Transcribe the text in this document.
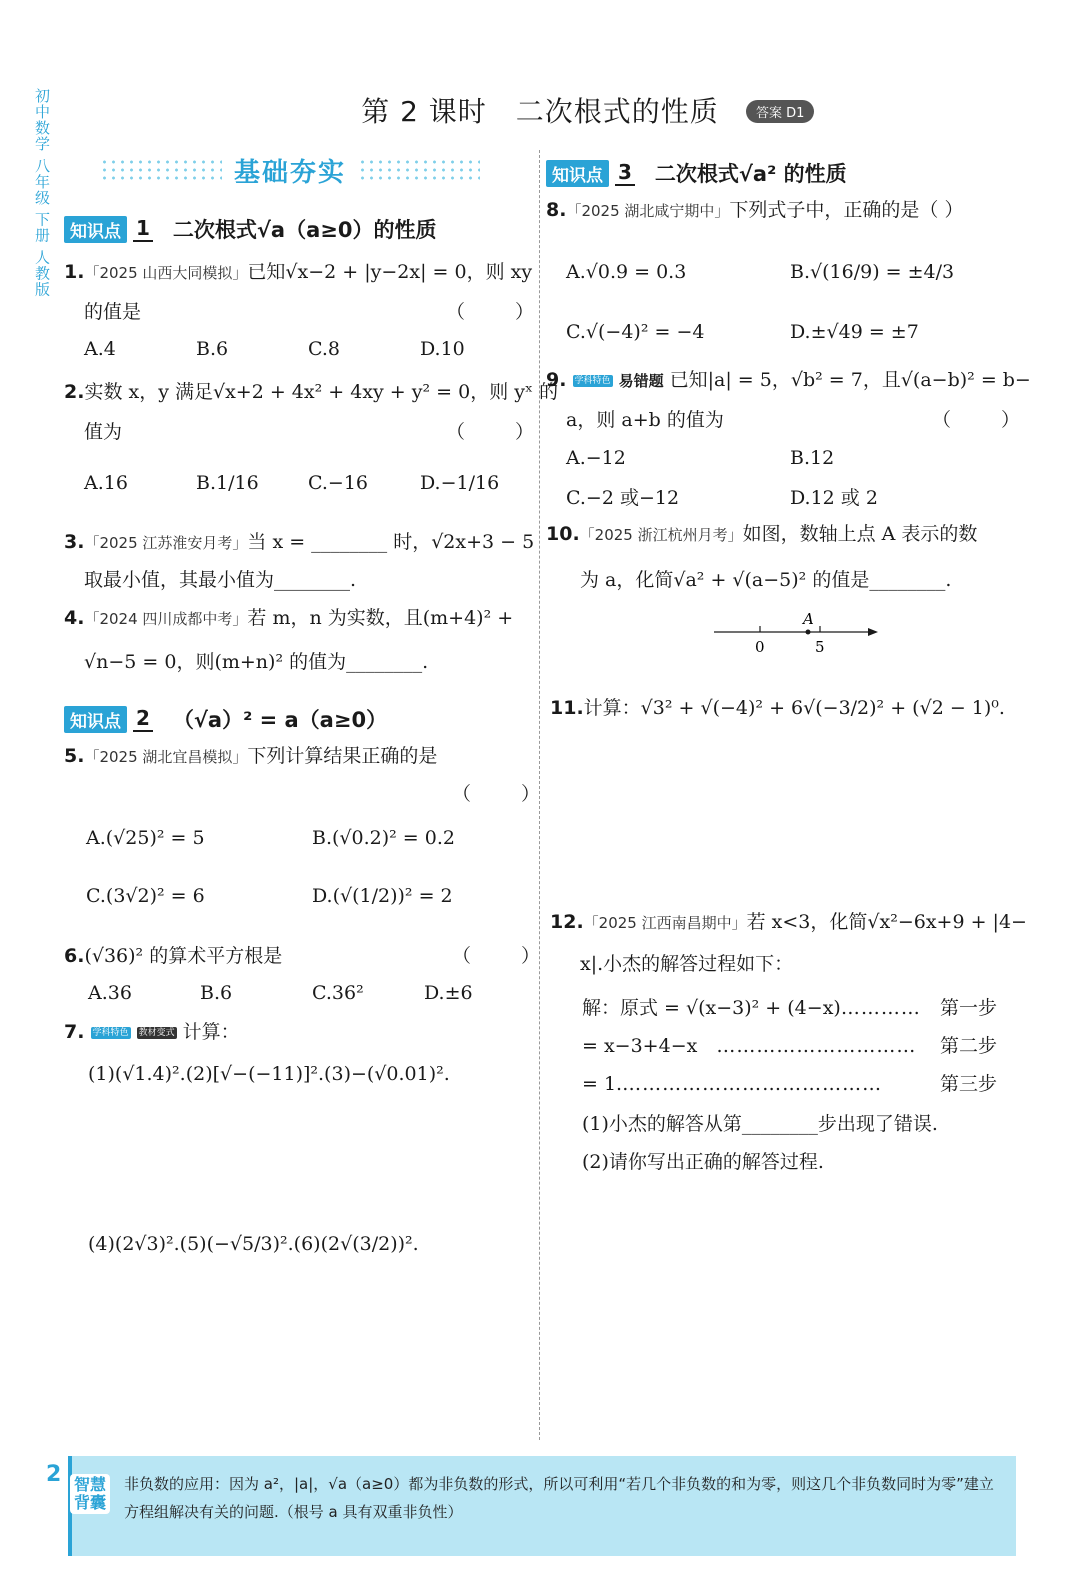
初中数学 八年级 下册 人教版	第 2 课时　二次根式的性质	答案 D1
基础夯实
知识点 1 二次根式√a（a≥0）的性质
1.「2025 山西大同模拟」已知√x−2 + |y−2x| = 0，则 xy
的值是	（ ）
A.4	B.6	C.8	D.10
2.实数 x，y 满足√x+2 + 4x² + 4xy + y² = 0，则 yˣ 的
值为	（ ）
A.16	B.1/16	C.−16	D.−1/16
3.「2025 江苏淮安月考」当 x = ________ 时，√2x+3 − 5
取最小值，其最小值为________.
4.「2024 四川成都中考」若 m，n 为实数，且(m+4)² +
√n−5 = 0，则(m+n)² 的值为________.
知识点 2 （√a）² = a（a≥0）
5.「2025 湖北宜昌模拟」下列计算结果正确的是
（ ）
A.(√25)² = 5	B.(√0.2)² = 0.2
C.(3√2)² = 6	D.(√(1/2))² = 2
6.(√36)² 的算术平方根是	（ ）
A.36	B.6	C.36²	D.±6
7. 学科特色 教材变式 计算：
(1)(√1.4)².(2)[√−(−11)]².(3)−(√0.01)².
(4)(2√3)².(5)(−√5/3)².(6)(2√(3/2))².
知识点 3 二次根式√a² 的性质
8.「2025 湖北咸宁期中」下列式子中，正确的是（ ）
A.√0.9 = 0.3	B.√(16/9) = ±4/3
C.√(−4)² = −4	D.±√49 = ±7
9. 学科特色 易错题 已知|a| = 5，√b² = 7，且√(a−b)² = b−
a，则 a+b 的值为	（ ）
A.−12	B.12
C.−2 或−12	D.12 或 2
10.「2025 浙江杭州月考」如图，数轴上点 A 表示的数
为 a，化简√a² + √(a−5)² 的值是________.
A
0	5
11.计算：√3² + √(−4)² + 6√(−3/2)² + (√2 − 1)⁰.
12.「2025 江西南昌期中」若 x<3，化简√x²−6x+9 + |4−
x|.小杰的解答过程如下：
解：原式 = √(x−3)² + (4−x)………… 第一步
= x−3+4−x　 ………………………… 第二步
= 1.…………………………………	第三步
(1)小杰的解答从第________步出现了错误.
(2)请你写出正确的解答过程.
2 智慧背囊
非负数的应用：因为 a²，|a|，√a（a≥0）都为非负数的形式，所以可利用“若几个非负数的和为零，则这几个非负数同时为零”建立方程组解决有关的问题.（根号 a 具有双重非负性）
